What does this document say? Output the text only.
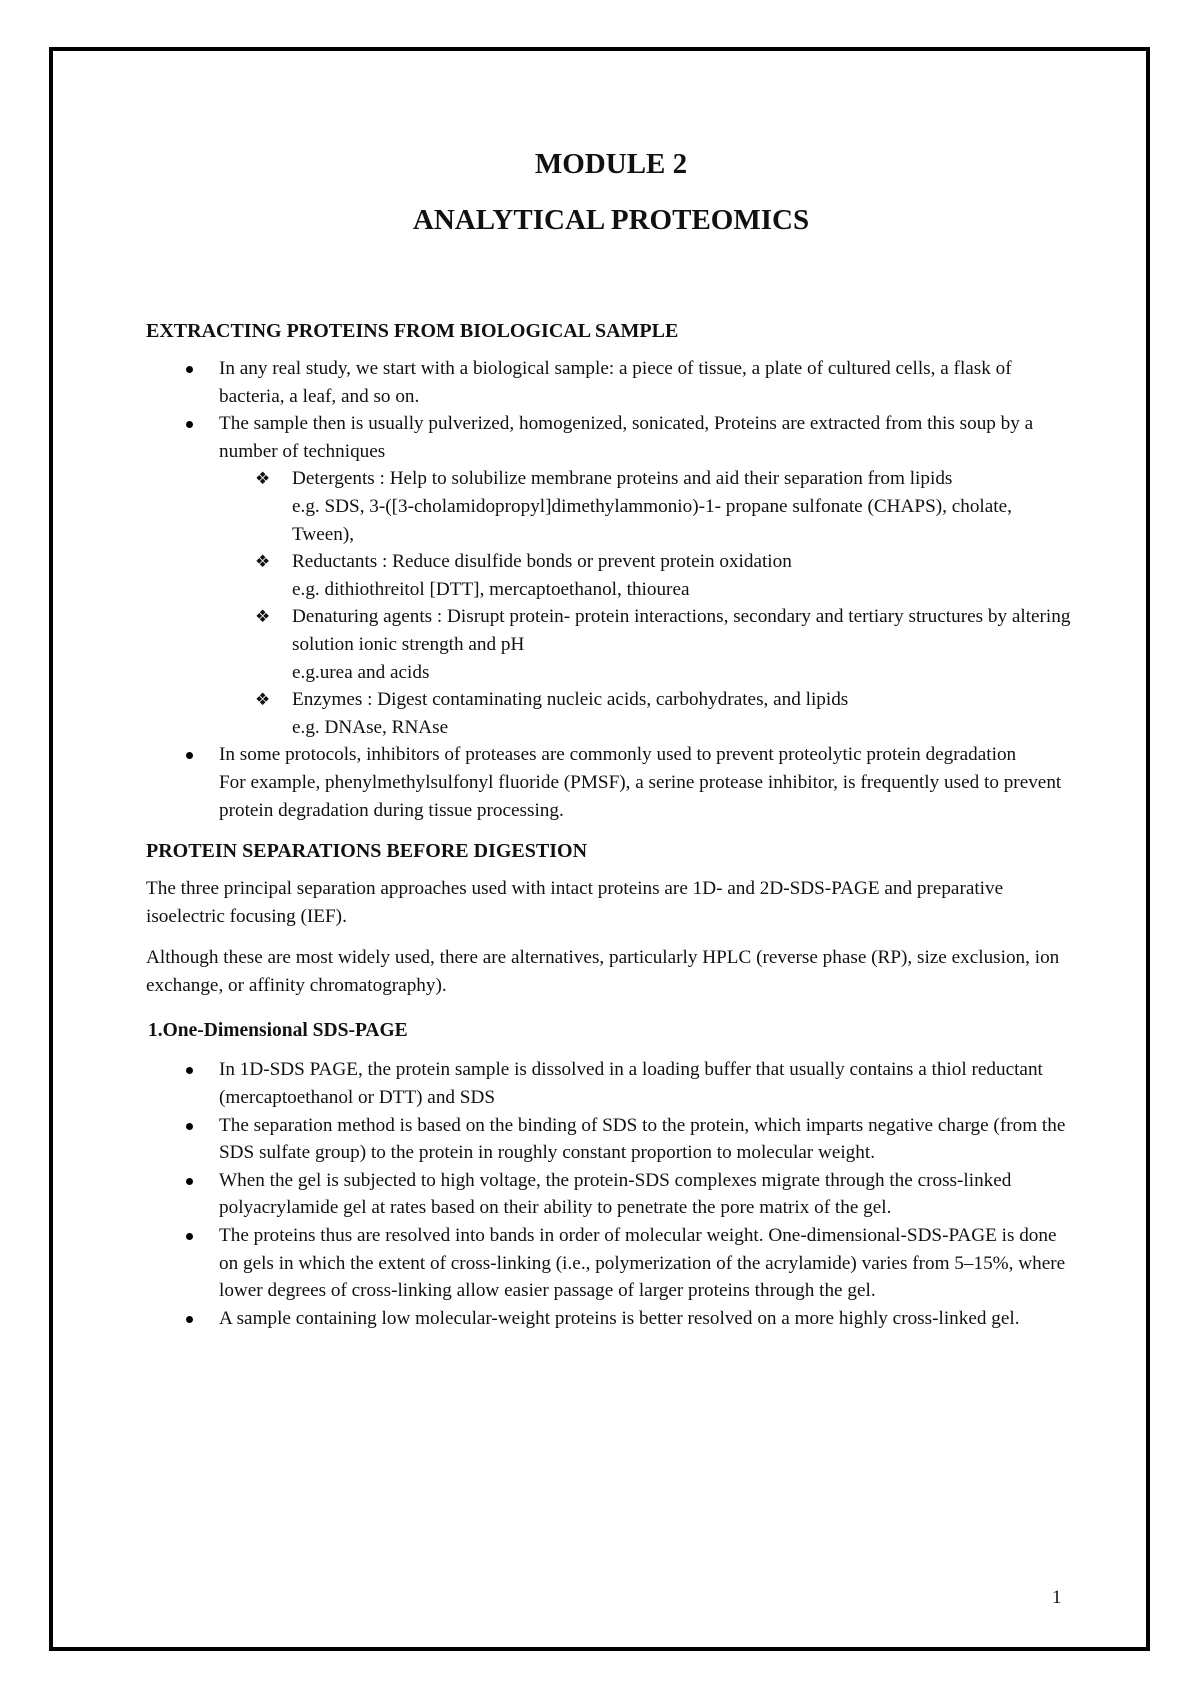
MODULE 2
ANALYTICAL PROTEOMICS
EXTRACTING PROTEINS FROM BIOLOGICAL SAMPLE
In any real study, we start with a biological sample: a piece of tissue, a plate of cultured cells, a flask of bacteria, a leaf, and so on.
The sample then is usually pulverized, homogenized, sonicated, Proteins are extracted from this soup by a number of techniques
❖ Detergents : Help to solubilize membrane proteins and aid their separation from lipids
e.g. SDS, 3-([3-cholamidopropyl]dimethylammonio)-1- propane sulfonate (CHAPS), cholate, Tween),
❖ Reductants : Reduce disulfide bonds or prevent protein oxidation
e.g. dithiothreitol [DTT], mercaptoethanol, thiourea
❖ Denaturing agents : Disrupt protein- protein interactions, secondary and tertiary structures by altering solution ionic strength and pH
e.g.urea and acids
❖ Enzymes : Digest contaminating nucleic acids, carbohydrates, and lipids
e.g. DNAse, RNAse
In some protocols, inhibitors of proteases are commonly used to prevent proteolytic protein degradation
For example, phenylmethylsulfonyl fluoride (PMSF), a serine protease inhibitor, is frequently used to prevent protein degradation during tissue processing.
PROTEIN SEPARATIONS BEFORE DIGESTION

The three principal separation approaches used with intact proteins are 1D- and 2D-SDS-PAGE and preparative isoelectric focusing (IEF).

Although these are most widely used, there are alternatives, particularly HPLC (reverse phase (RP), size exclusion, ion exchange, or affinity chromatography).

1.One-Dimensional SDS-PAGE
In 1D-SDS PAGE, the protein sample is dissolved in a loading buffer that usually contains a thiol reductant (mercaptoethanol or DTT) and SDS
The separation method is based on the binding of SDS to the protein, which imparts negative charge (from the SDS sulfate group) to the protein in roughly constant proportion to molecular weight.
When the gel is subjected to high voltage, the protein-SDS complexes migrate through the cross-linked polyacrylamide gel at rates based on their ability to penetrate the pore matrix of the gel.
The proteins thus are resolved into bands in order of molecular weight. One-dimensional-SDS-PAGE is done on gels in which the extent of cross-linking (i.e., polymerization of the acrylamide) varies from 5–15%, where lower degrees of cross-linking allow easier passage of larger proteins through the gel.
A sample containing low molecular-weight proteins is better resolved on a more highly cross-linked gel.

1
